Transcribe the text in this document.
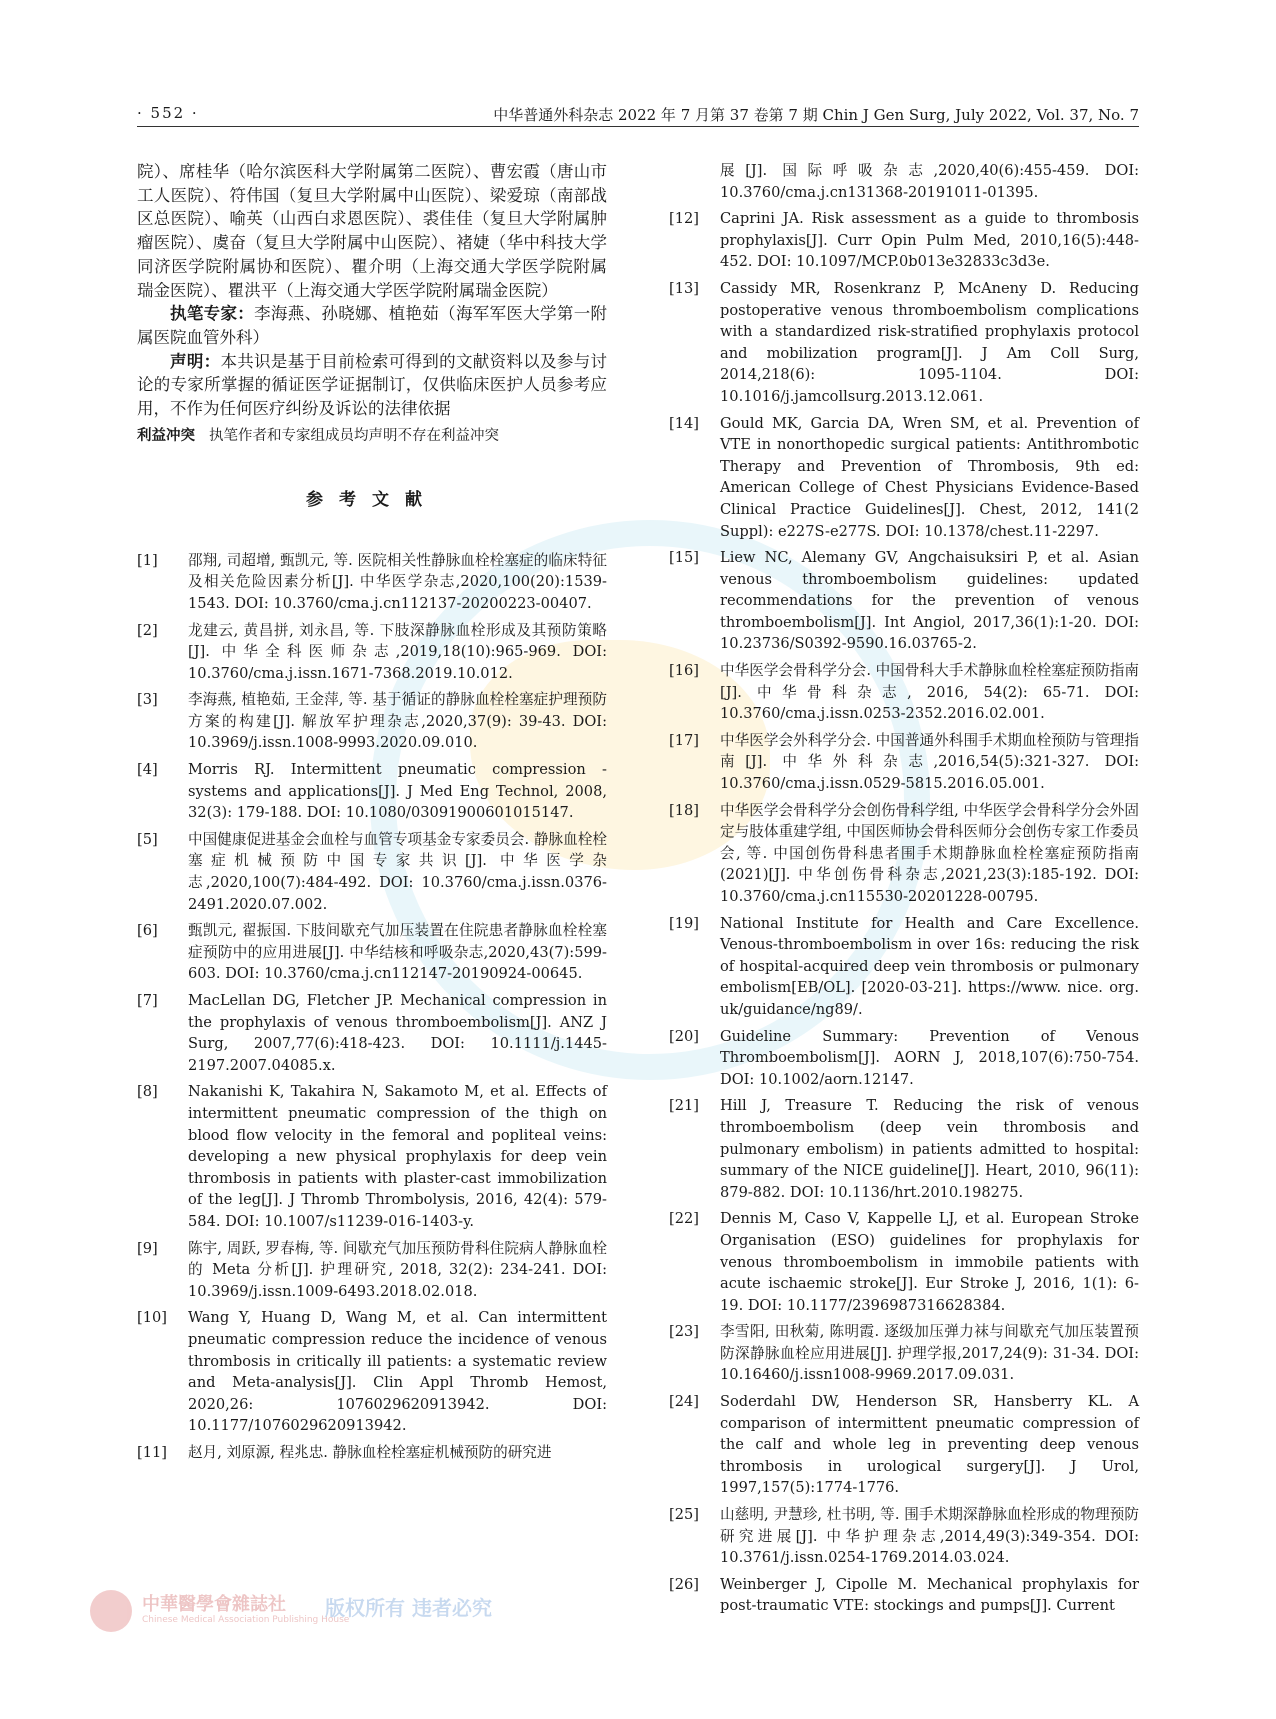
· 552 ·	中华普通外科杂志 2022 年 7 月第 37 卷第 7 期 Chin J Gen Surg, July 2022, Vol. 37, No. 7

院）、席桂华（哈尔滨医科大学附属第二医院）、曹宏霞（唐山市工人医院）、符伟国（复旦大学附属中山医院）、梁爱琼（南部战区总医院）、喻英（山西白求恩医院）、裘佳佳（复旦大学附属肿瘤医院）、虞奋（复旦大学附属中山医院）、褚婕（华中科技大学同济医学院附属协和医院）、瞿介明（上海交通大学医学院附属瑞金医院）、瞿洪平（上海交通大学医学院附属瑞金医院）

执笔专家：李海燕、孙晓娜、植艳茹（海军军医大学第一附属医院血管外科）

声明：本共识是基于目前检索可得到的文献资料以及参与讨论的专家所掌握的循证医学证据制订，仅供临床医护人员参考应用，不作为任何医疗纠纷及诉讼的法律依据

利益冲突 执笔作者和专家组成员均声明不存在利益冲突

参考文献
[1]	邵翔, 司超增, 甄凯元, 等. 医院相关性静脉血栓栓塞症的临床特征及相关危险因素分析[J]. 中华医学杂志,2020,100(20):1539-1543. DOI: 10.3760/cma.j.cn112137-20200223-00407.
[2]	龙建云, 黄昌拼, 刘永昌, 等. 下肢深静脉血栓形成及其预防策略[J]. 中华全科医师杂志,2019,18(10):965-969. DOI: 10.3760/cma.j.issn.1671-7368.2019.10.012.
[3]	李海燕, 植艳茹, 王金萍, 等. 基于循证的静脉血栓栓塞症护理预防方案的构建[J]. 解放军护理杂志,2020,37(9): 39-43. DOI: 10.3969/j.issn.1008-9993.2020.09.010.
[4]	Morris RJ. Intermittent pneumatic compression - systems and applications[J]. J Med Eng Technol, 2008, 32(3): 179-188. DOI: 10.1080/03091900601015147.
[5]	中国健康促进基金会血栓与血管专项基金专家委员会. 静脉血栓栓塞症机械预防中国专家共识[J]. 中华医学杂志,2020,100(7):484-492. DOI: 10.3760/cma.j.issn.0376-2491.2020.07.002.
[6]	甄凯元, 翟振国. 下肢间歇充气加压装置在住院患者静脉血栓栓塞症预防中的应用进展[J]. 中华结核和呼吸杂志,2020,43(7):599-603. DOI: 10.3760/cma.j.cn112147-20190924-00645.
[7]	MacLellan DG, Fletcher JP. Mechanical compression in the prophylaxis of venous thromboembolism[J]. ANZ J Surg, 2007,77(6):418-423. DOI: 10.1111/j.1445-2197.2007.04085.x.
[8]	Nakanishi K, Takahira N, Sakamoto M, et al. Effects of intermittent pneumatic compression of the thigh on blood flow velocity in the femoral and popliteal veins: developing a new physical prophylaxis for deep vein thrombosis in patients with plaster-cast immobilization of the leg[J]. J Thromb Thrombolysis, 2016, 42(4): 579-584. DOI: 10.1007/s11239-016-1403-y.
[9]	陈宇, 周跃, 罗春梅, 等. 间歇充气加压预防骨科住院病人静脉血栓的 Meta 分析[J]. 护理研究, 2018, 32(2): 234-241. DOI: 10.3969/j.issn.1009-6493.2018.02.018.
[10]	Wang Y, Huang D, Wang M, et al. Can intermittent pneumatic compression reduce the incidence of venous thrombosis in critically ill patients: a systematic review and Meta-analysis[J]. Clin Appl Thromb Hemost, 2020,26: 1076029620913942. DOI: 10.1177/1076029620913942.
[11]	赵月, 刘原源, 程兆忠. 静脉血栓栓塞症机械预防的研究进
展[J]. 国际呼吸杂志,2020,40(6):455-459. DOI: 10.3760/cma.j.cn131368-20191011-01395.
[12]	Caprini JA. Risk assessment as a guide to thrombosis prophylaxis[J]. Curr Opin Pulm Med, 2010,16(5):448-452. DOI: 10.1097/MCP.0b013e32833c3d3e.
[13]	Cassidy MR, Rosenkranz P, McAneny D. Reducing postoperative venous thromboembolism complications with a standardized risk-stratified prophylaxis protocol and mobilization program[J]. J Am Coll Surg, 2014,218(6): 1095-1104. DOI: 10.1016/j.jamcollsurg.2013.12.061.
[14]	Gould MK, Garcia DA, Wren SM, et al. Prevention of VTE in nonorthopedic surgical patients: Antithrombotic Therapy and Prevention of Thrombosis, 9th ed: American College of Chest Physicians Evidence-Based Clinical Practice Guidelines[J]. Chest, 2012, 141(2 Suppl): e227S-e277S. DOI: 10.1378/chest.11-2297.
[15]	Liew NC, Alemany GV, Angchaisuksiri P, et al. Asian venous thromboembolism guidelines: updated recommendations for the prevention of venous thromboembolism[J]. Int Angiol, 2017,36(1):1-20. DOI: 10.23736/S0392-9590.16.03765-2.
[16]	中华医学会骨科学分会. 中国骨科大手术静脉血栓栓塞症预防指南[J]. 中华骨科杂志, 2016, 54(2): 65-71. DOI: 10.3760/cma.j.issn.0253-2352.2016.02.001.
[17]	中华医学会外科学分会. 中国普通外科围手术期血栓预防与管理指南[J]. 中华外科杂志,2016,54(5):321-327. DOI: 10.3760/cma.j.issn.0529-5815.2016.05.001.
[18]	中华医学会骨科学分会创伤骨科学组, 中华医学会骨科学分会外固定与肢体重建学组, 中国医师协会骨科医师分会创伤专家工作委员会, 等. 中国创伤骨科患者围手术期静脉血栓栓塞症预防指南(2021)[J]. 中华创伤骨科杂志,2021,23(3):185-192. DOI: 10.3760/cma.j.cn115530-20201228-00795.
[19]	National Institute for Health and Care Excellence. Venous-thromboembolism in over 16s: reducing the risk of hospital-acquired deep vein thrombosis or pulmonary embolism[EB/OL]. [2020-03-21]. https://www. nice. org. uk/guidance/ng89/.
[20]	Guideline Summary: Prevention of Venous Thromboembolism[J]. AORN J, 2018,107(6):750-754. DOI: 10.1002/aorn.12147.
[21]	Hill J, Treasure T. Reducing the risk of venous thromboembolism (deep vein thrombosis and pulmonary embolism) in patients admitted to hospital: summary of the NICE guideline[J]. Heart, 2010, 96(11): 879-882. DOI: 10.1136/hrt.2010.198275.
[22]	Dennis M, Caso V, Kappelle LJ, et al. European Stroke Organisation (ESO) guidelines for prophylaxis for venous thromboembolism in immobile patients with acute ischaemic stroke[J]. Eur Stroke J, 2016, 1(1): 6-19. DOI: 10.1177/2396987316628384.
[23]	李雪阳, 田秋菊, 陈明霞. 逐级加压弹力袜与间歇充气加压装置预防深静脉血栓应用进展[J]. 护理学报,2017,24(9): 31-34. DOI: 10.16460/j.issn1008-9969.2017.09.031.
[24]	Soderdahl DW, Henderson SR, Hansberry KL. A comparison of intermittent pneumatic compression of the calf and whole leg in preventing deep venous thrombosis in urological surgery[J]. J Urol, 1997,157(5):1774-1776.
[25]	山慈明, 尹慧珍, 杜书明, 等. 围手术期深静脉血栓形成的物理预防研究进展[J]. 中华护理杂志,2014,49(3):349-354. DOI: 10.3761/j.issn.0254-1769.2014.03.024.
[26]	Weinberger J, Cipolle M. Mechanical prophylaxis for post-traumatic VTE: stockings and pumps[J]. Current
中華醫學會雜誌社
Chinese Medical Association Publishing House
版权所有 违者必究
